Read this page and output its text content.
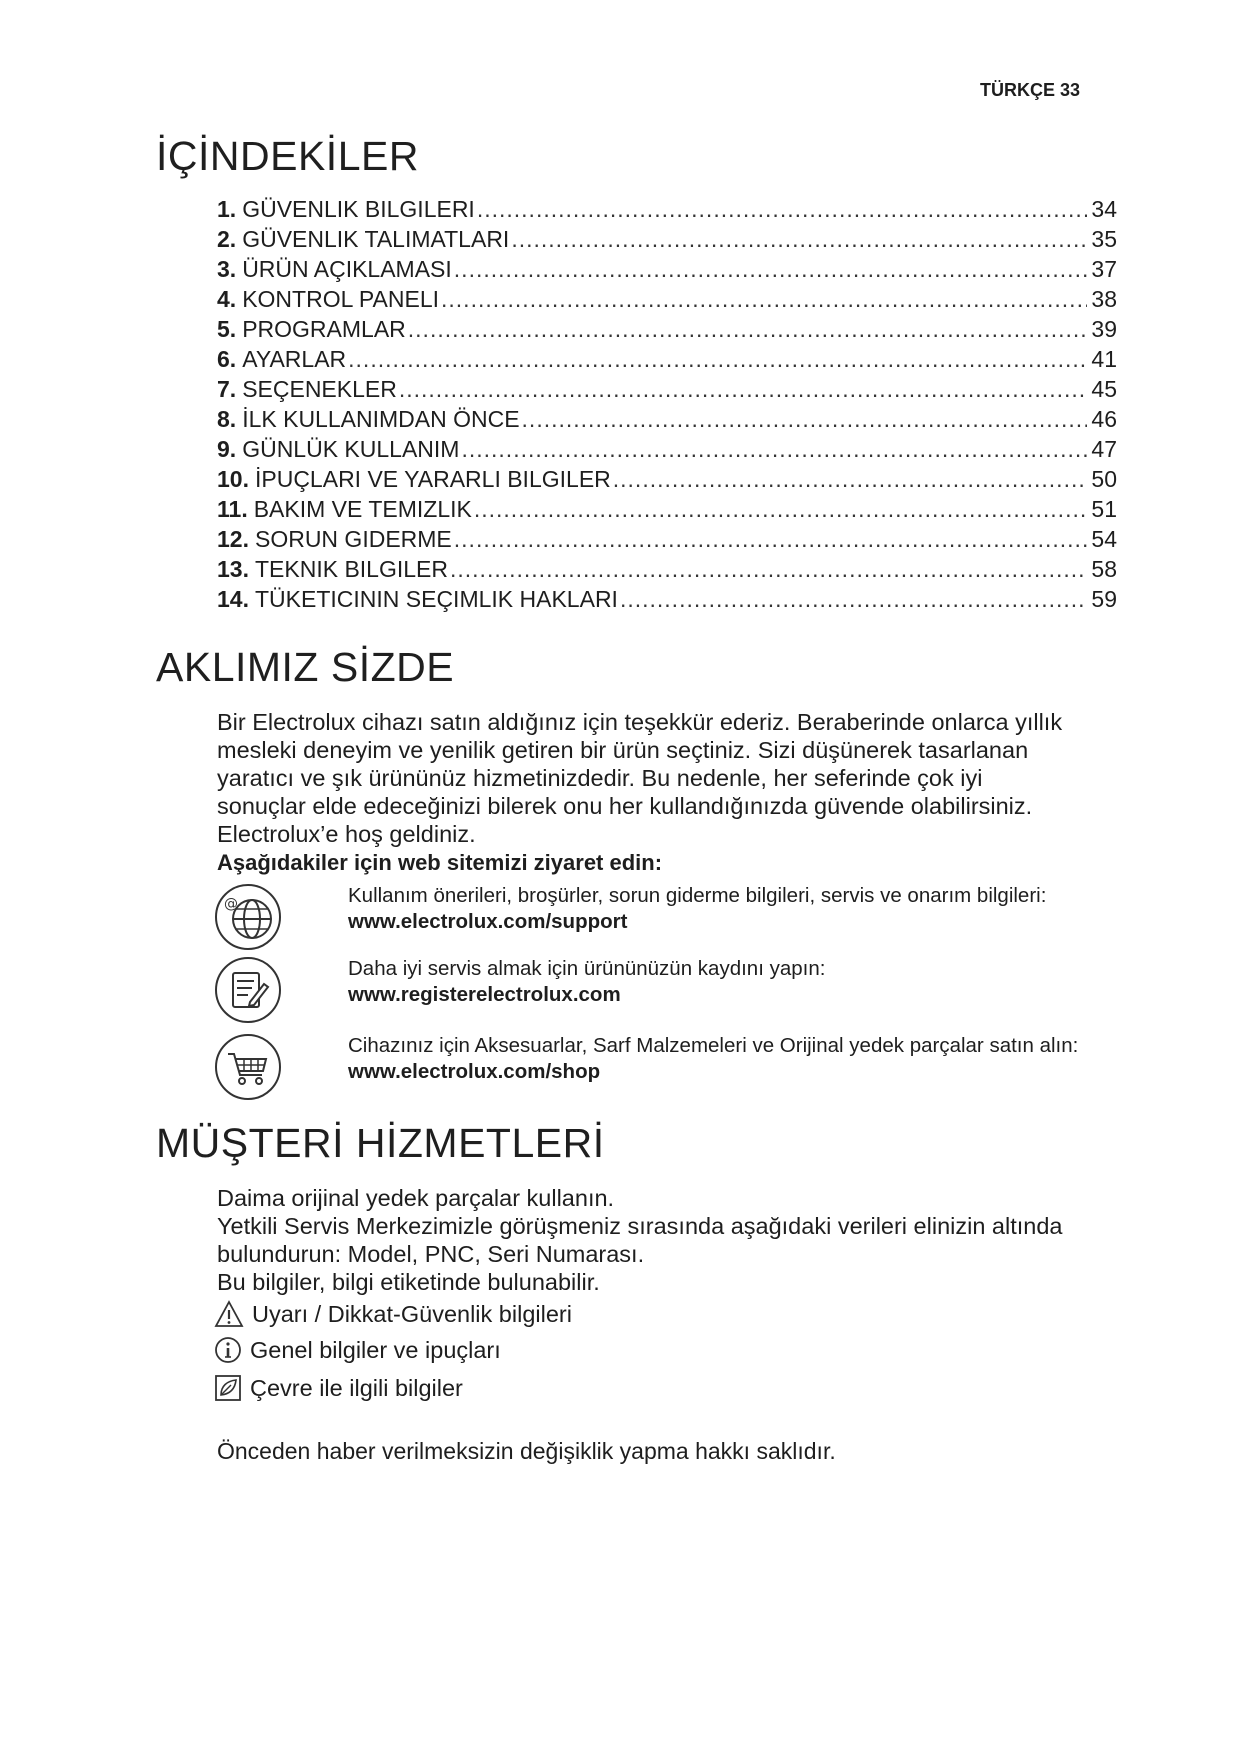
TÜRKÇE 33
İÇİNDEKİLER
1. GÜVENLIK BILGILERI .....	34
2. GÜVENLIK TALIMATLARI .....	35
3. ÜRÜN AÇIKLAMASI .....	37
4. KONTROL PANELI .....	38
5. PROGRAMLAR .....	39
6. AYARLAR .....	41
7. SEÇENEKLER .....	45
8. İLK KULLANIMDAN ÖNCE .....	46
9. GÜNLÜK KULLANIM .....	47
10. İPUÇLARI VE YARARLI BILGILER .....	50
11. BAKIM VE TEMIZLIK .....	51
12. SORUN GIDERME .....	54
13. TEKNIK BILGILER .....	58
14. TÜKETICININ SEÇIMLIK HAKLARI .....	59
AKLIMIZ SİZDE
Bir Electrolux cihazı satın aldığınız için teşekkür ederiz. Beraberinde onlarca yıllık
mesleki deneyim ve yenilik getiren bir ürün seçtiniz. Sizi düşünerek tasarlanan
yaratıcı ve şık ürününüz hizmetinizdedir. Bu nedenle, her seferinde çok iyi
sonuçlar elde edeceğinizi bilerek onu her kullandığınızda güvende olabilirsiniz.
Electrolux’e hoş geldiniz.
Aşağıdakiler için web sitemizi ziyaret edin:
@	Kullanım önerileri, broşürler, sorun giderme bilgileri, servis ve onarım bilgileri:
www.electrolux.com/support
Daha iyi servis almak için ürününüzün kaydını yapın:
www.registerelectrolux.com
Cihazınız için Aksesuarlar, Sarf Malzemeleri ve Orijinal yedek parçalar satın alın:
www.electrolux.com/shop
MÜŞTERİ HİZMETLERİ
Daima orijinal yedek parçalar kullanın.
Yetkili Servis Merkezimizle görüşmeniz sırasında aşağıdaki verileri elinizin altında
bulundurun: Model, PNC, Seri Numarası.
Bu bilgiler, bilgi etiketinde bulunabilir.
Uyarı / Dikkat-Güvenlik bilgileri
Genel bilgiler ve ipuçları
Çevre ile ilgili bilgiler
Önceden haber verilmeksizin değişiklik yapma hakkı saklıdır.
